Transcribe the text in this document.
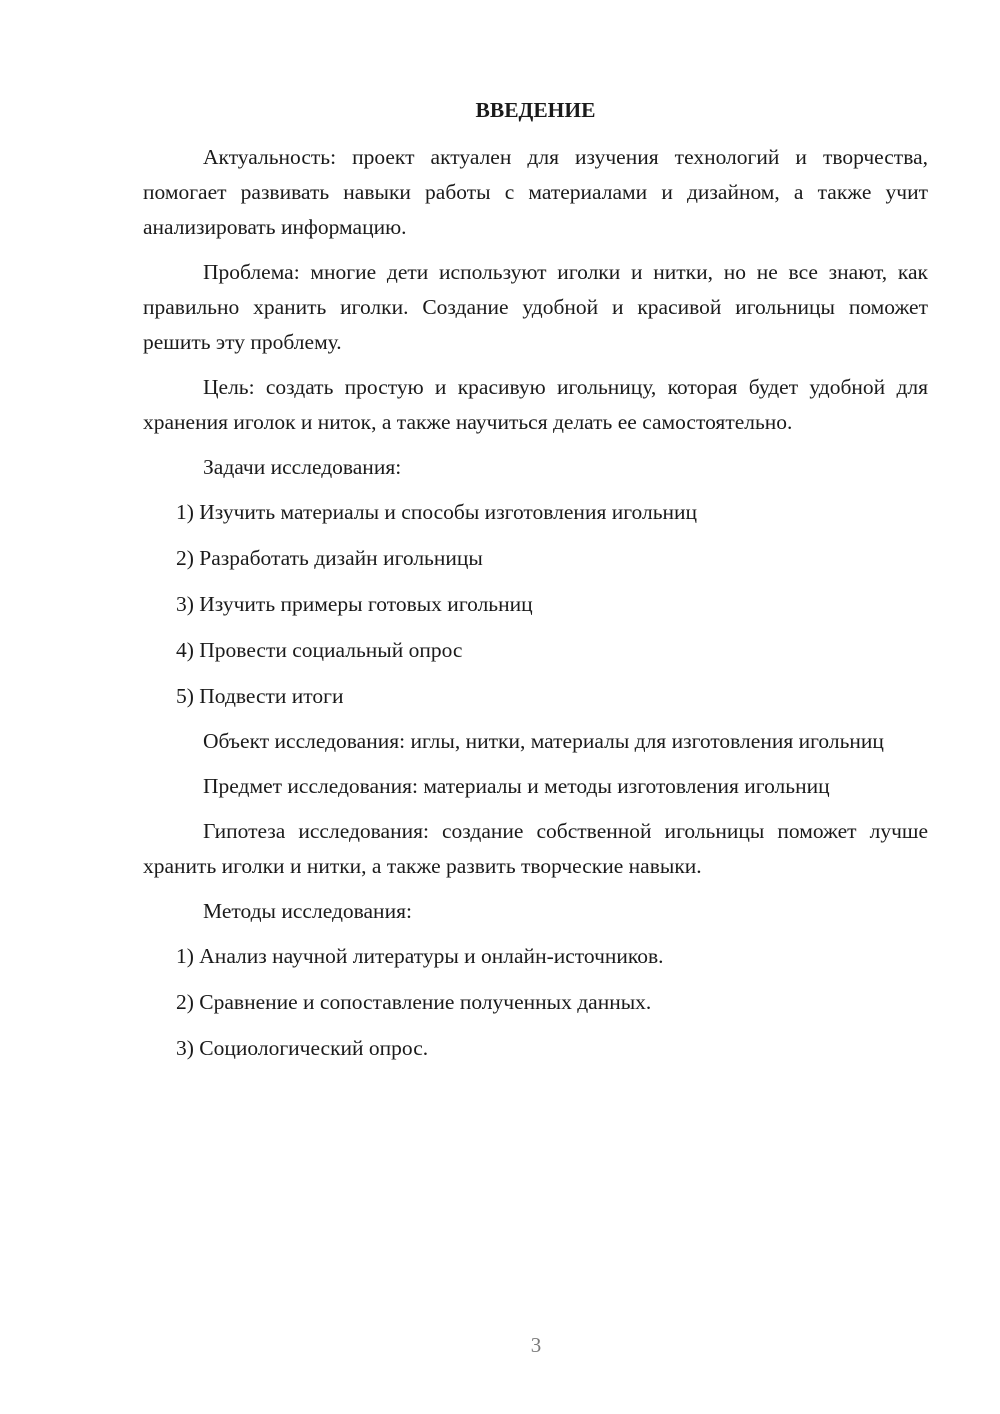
ВВЕДЕНИЕ

Актуальность: проект актуален для изучения технологий и творчества, помогает развивать навыки работы с материалами и дизайном, а также учит анализировать информацию.

Проблема: многие дети используют иголки и нитки, но не все знают, как правильно хранить иголки. Создание удобной и красивой игольницы поможет решить эту проблему.

Цель: создать простую и красивую игольницу, которая будет удобной для хранения иголок и ниток, а также научиться делать ее самостоятельно.

Задачи исследования:

1) Изучить материалы и способы изготовления игольниц
2) Разработать дизайн игольницы
3) Изучить примеры готовых игольниц
4) Провести социальный опрос
5) Подвести итоги

Объект исследования: иглы, нитки, материалы для изготовления игольниц

Предмет исследования: материалы и методы изготовления игольниц

Гипотеза исследования: создание собственной игольницы поможет лучше хранить иголки и нитки, а также развить творческие навыки.

Методы исследования:

1) Анализ научной литературы и онлайн-источников.
2) Сравнение и сопоставление полученных данных.
3) Социологический опрос.
3
